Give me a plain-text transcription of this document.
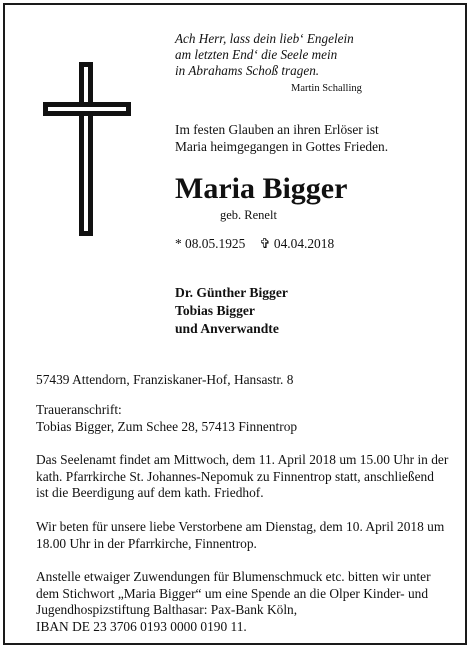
Ach Herr, lass dein lieb‘ Engelein
am letzten End‘ die Seele mein
in Abrahams Schoß tragen.
Martin Schalling
Im festen Glauben an ihren Erlöser ist
Maria heimgegangen in Gottes Frieden.
Maria Bigger
geb. Renelt
* 08.05.1925 ✞ 04.04.2018
Dr. Günther Bigger
Tobias Bigger
und Anverwandte
57439 Attendorn, Franziskaner-Hof, Hansastr. 8
Traueranschrift:
Tobias Bigger, Zum Schee 28, 57413 Finnentrop
Das Seelenamt findet am Mittwoch, dem 11. April 2018 um 15.00 Uhr in der
kath. Pfarrkirche St. Johannes-Nepomuk zu Finnentrop statt, anschließend
ist die Beerdigung auf dem kath. Friedhof.
Wir beten für unsere liebe Verstorbene am Dienstag, dem 10. April 2018 um
18.00 Uhr in der Pfarrkirche, Finnentrop.
Anstelle etwaiger Zuwendungen für Blumenschmuck etc. bitten wir unter
dem Stichwort „Maria Bigger“ um eine Spende an die Olper Kinder- und
Jugendhospizstiftung Balthasar: Pax-Bank Köln,
IBAN DE 23 3706 0193 0000 0190 11.
